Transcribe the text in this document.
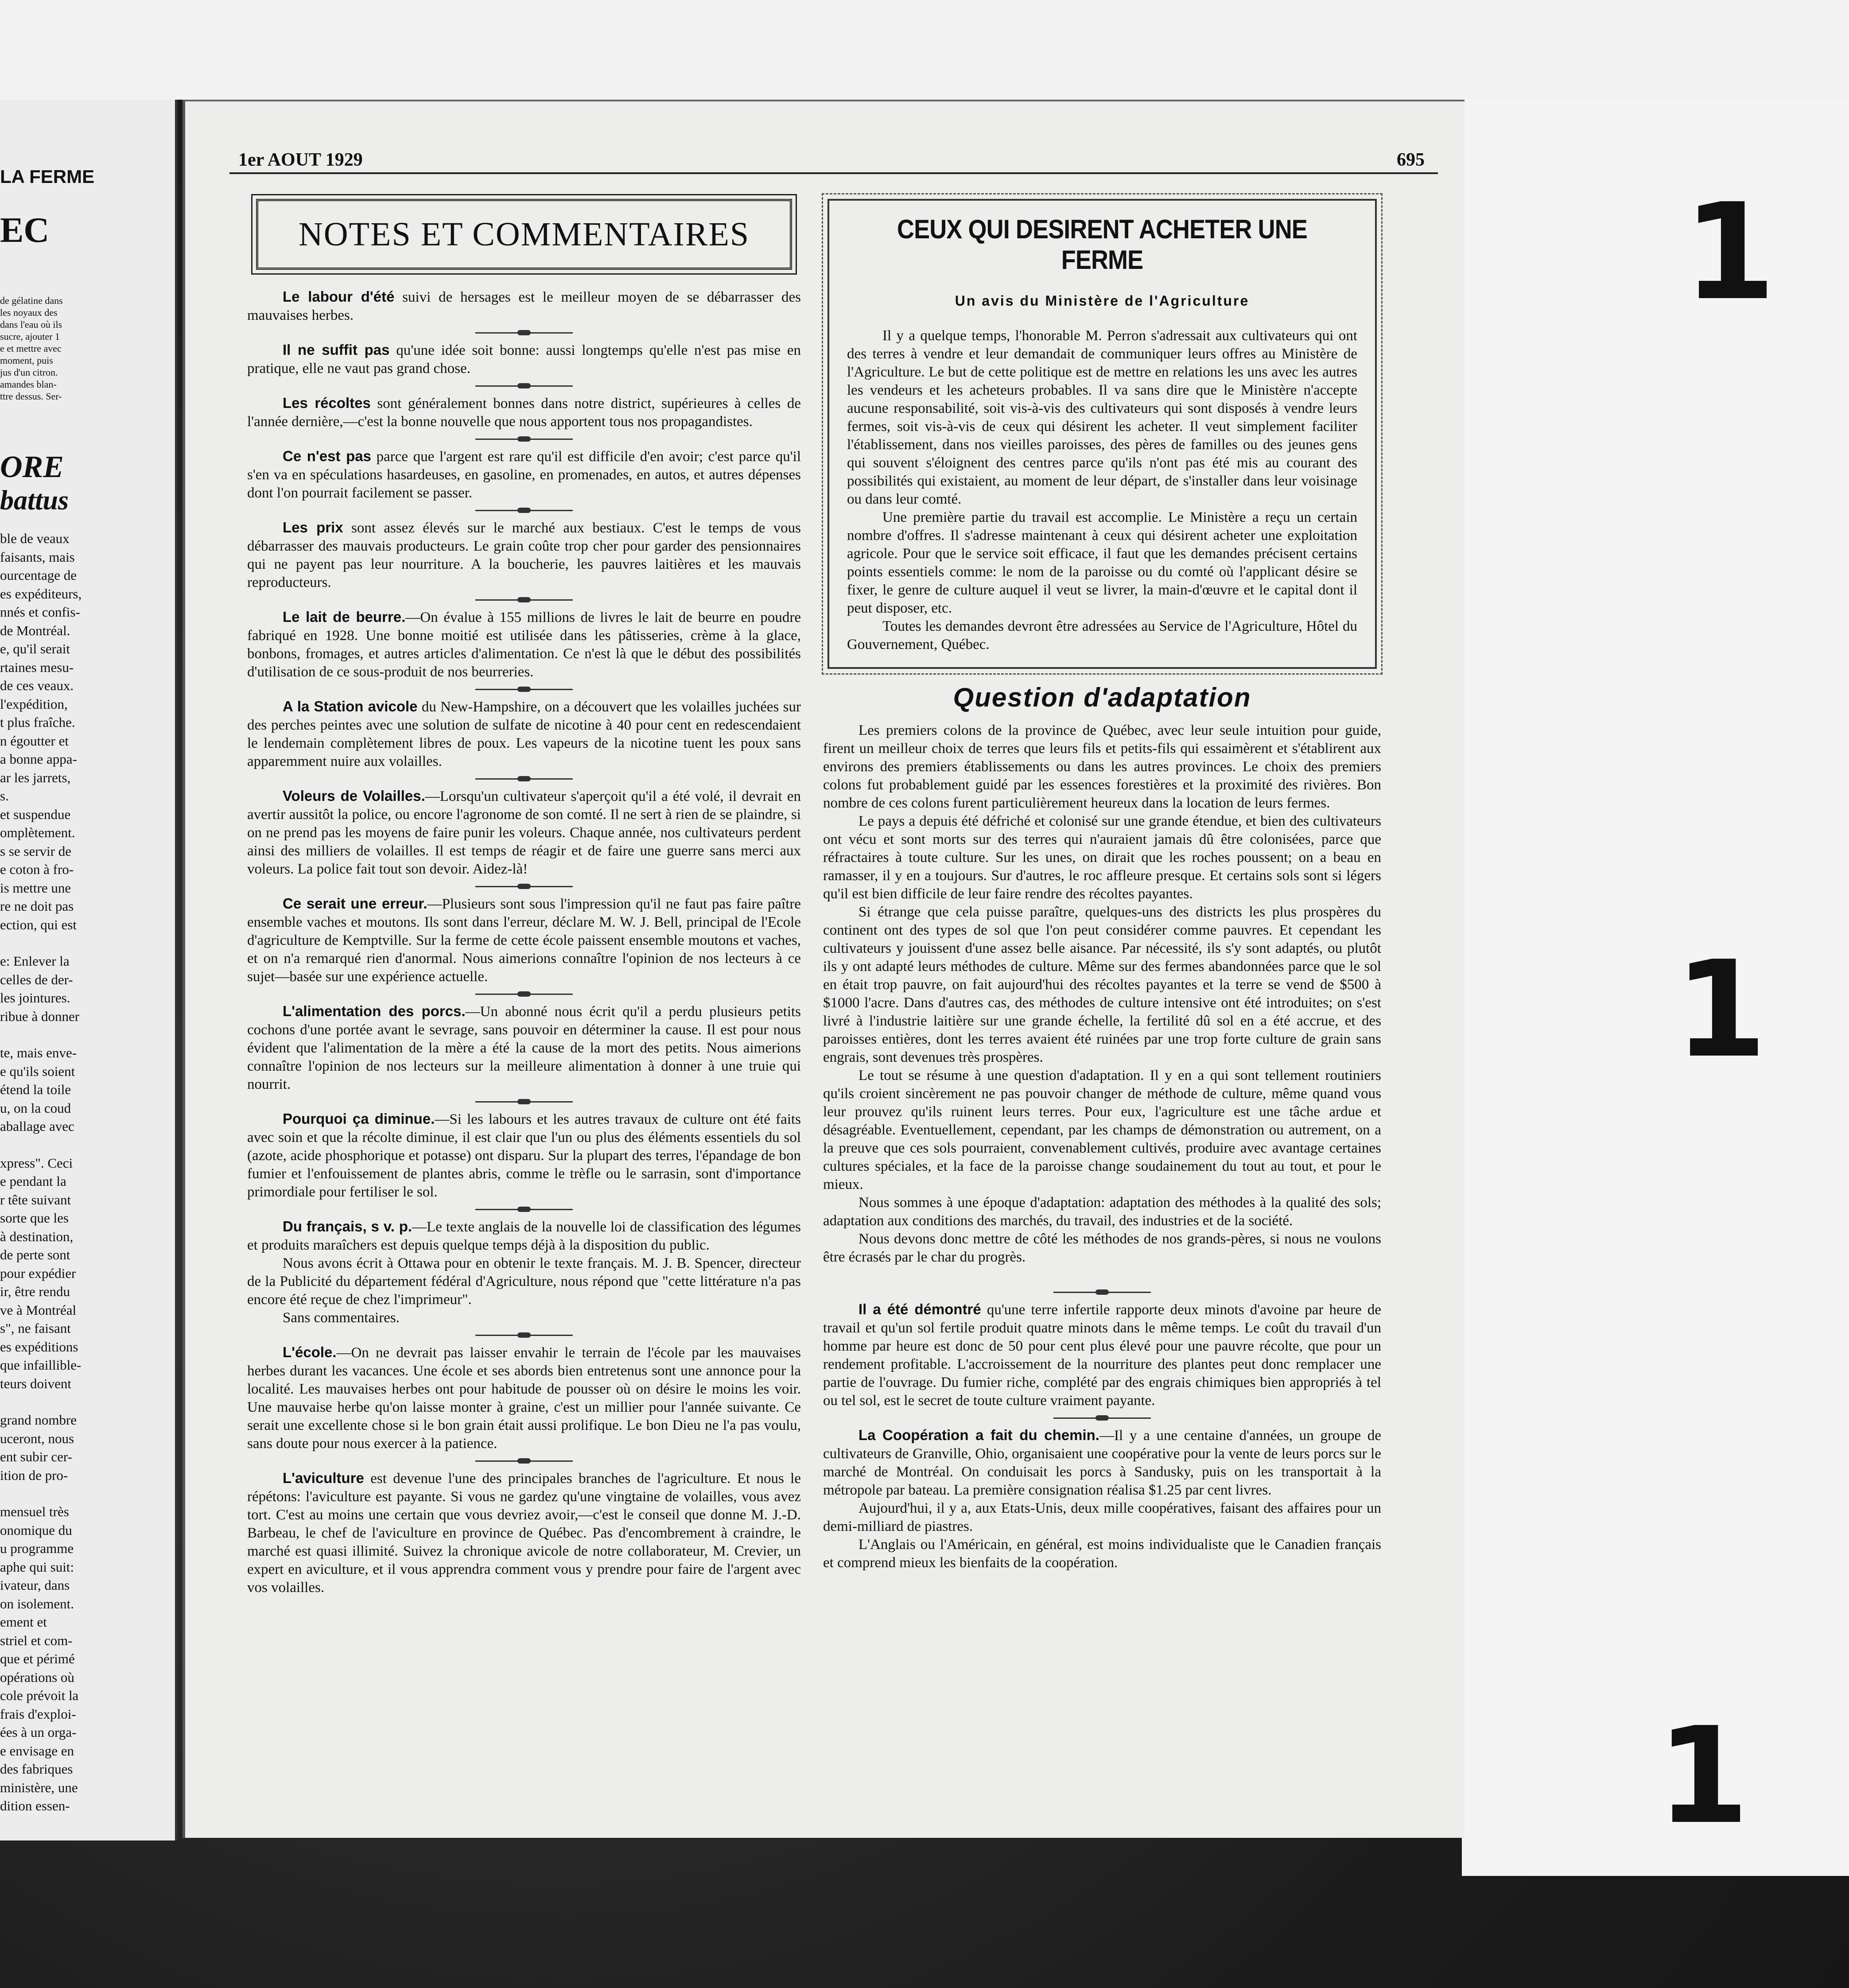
1
1
1
LA FERME
EC
de gélatine dans
les noyaux des
dans l'eau où ils
sucre, ajouter 1
e et mettre avec
moment, puis
jus d'un citron.
amandes blan-
ttre dessus. Ser-
ORE
battus
ble de veaux
faisants, mais
ourcentage de
es expéditeurs,
nnés et confis-
de Montréal.
e, qu'il serait
rtaines mesu-
de ces veaux.
l'expédition,
t plus fraîche.
n égoutter et
a bonne appa-
ar les jarrets,
s.
et suspendue
omplètement.
s se servir de
e coton à fro-
is mettre une
re ne doit pas
ection, qui est
e: Enlever la
celles de der-
les jointures.
ribue à donner
te, mais enve-
e qu'ils soient
étend la toile
u, on la coud
aballage avec
xpress". Ceci
e pendant la
r tête suivant
sorte que les
à destination,
de perte sont
pour expédier
ir, être rendu
ve à Montréal
s", ne faisant
es expéditions
que infaillible-
teurs doivent
grand nombre
uceront, nous
ent subir cer-
ition de pro-
mensuel très
onomique du
u programme
aphe qui suit:
ivateur, dans
on isolement.
ement et
striel et com-
que et périmé
opérations où
cole prévoit la
frais d'exploi-
ées à un orga-
e envisage en
des fabriques
ministère, une
dition essen-
1er AOUT 1929	695
NOTES ET COMMENTAIRES

Le labour d'été suivi de hersages est le meilleur moyen de se débarrasser des mauvaises herbes.

Il ne suffit pas qu'une idée soit bonne: aussi longtemps qu'elle n'est pas mise en pratique, elle ne vaut pas grand chose.

Les récoltes sont généralement bonnes dans notre district, supérieures à celles de l'année dernière,—c'est la bonne nouvelle que nous apportent tous nos propagandistes.

Ce n'est pas parce que l'argent est rare qu'il est difficile d'en avoir; c'est parce qu'il s'en va en spéculations hasardeuses, en gasoline, en promenades, en autos, et autres dépenses dont l'on pourrait facilement se passer.

Les prix sont assez élevés sur le marché aux bestiaux. C'est le temps de vous débarrasser des mauvais producteurs. Le grain coûte trop cher pour garder des pensionnaires qui ne payent pas leur nourriture. A la boucherie, les pauvres laitières et les mauvais reproducteurs.

Le lait de beurre.—On évalue à 155 millions de livres le lait de beurre en poudre fabriqué en 1928. Une bonne moitié est utilisée dans les pâtisseries, crème à la glace, bonbons, fromages, et autres articles d'alimentation. Ce n'est là que le début des possibilités d'utilisation de ce sous-produit de nos beurreries.

A la Station avicole du New-Hampshire, on a découvert que les volailles juchées sur des perches peintes avec une solution de sulfate de nicotine à 40 pour cent en redescendaient le lendemain complètement libres de poux. Les vapeurs de la nicotine tuent les poux sans apparemment nuire aux volailles.

Voleurs de Volailles.—Lorsqu'un cultivateur s'aperçoit qu'il a été volé, il devrait en avertir aussitôt la police, ou encore l'agronome de son comté. Il ne sert à rien de se plaindre, si on ne prend pas les moyens de faire punir les voleurs. Chaque année, nos cultivateurs perdent ainsi des milliers de volailles. Il est temps de réagir et de faire une guerre sans merci aux voleurs. La police fait tout son devoir. Aidez-là!

Ce serait une erreur.—Plusieurs sont sous l'impression qu'il ne faut pas faire paître ensemble vaches et moutons. Ils sont dans l'erreur, déclare M. W. J. Bell, principal de l'Ecole d'agriculture de Kemptville. Sur la ferme de cette école paissent ensemble moutons et vaches, et on n'a remarqué rien d'anormal. Nous aimerions connaître l'opinion de nos lecteurs à ce sujet—basée sur une expérience actuelle.

L'alimentation des porcs.—Un abonné nous écrit qu'il a perdu plusieurs petits cochons d'une portée avant le sevrage, sans pouvoir en déterminer la cause. Il est pour nous évident que l'alimentation de la mère a été la cause de la mort des petits. Nous aimerions connaître l'opinion de nos lecteurs sur la meilleure alimentation à donner à une truie qui nourrit.

Pourquoi ça diminue.—Si les labours et les autres travaux de culture ont été faits avec soin et que la récolte diminue, il est clair que l'un ou plus des éléments essentiels du sol (azote, acide phosphorique et potasse) ont disparu. Sur la plupart des terres, l'épandage de bon fumier et l'enfouissement de plantes abris, comme le trèfle ou le sarrasin, sont d'importance primordiale pour fertiliser le sol.

Du français, s v. p.—Le texte anglais de la nouvelle loi de classification des légumes et produits maraîchers est depuis quelque temps déjà à la disposition du public.

Nous avons écrit à Ottawa pour en obtenir le texte français. M. J. B. Spencer, directeur de la Publicité du département fédéral d'Agriculture, nous répond que "cette littérature n'a pas encore été reçue de chez l'imprimeur".

Sans commentaires.

L'école.—On ne devrait pas laisser envahir le terrain de l'école par les mauvaises herbes durant les vacances. Une école et ses abords bien entretenus sont une annonce pour la localité. Les mauvaises herbes ont pour habitude de pousser où on désire le moins les voir. Une mauvaise herbe qu'on laisse monter à graine, c'est un millier pour l'année suivante. Ce serait une excellente chose si le bon grain était aussi prolifique. Le bon Dieu ne l'a pas voulu, sans doute pour nous exercer à la patience.

L'aviculture est devenue l'une des principales branches de l'agriculture. Et nous le répétons: l'aviculture est payante. Si vous ne gardez qu'une vingtaine de volailles, vous avez tort. C'est au moins une certain que vous devriez avoir,—c'est le conseil que donne M. J.-D. Barbeau, le chef de l'aviculture en province de Québec. Pas d'encombrement à craindre, le marché est quasi illimité. Suivez la chronique avicole de notre collaborateur, M. Crevier, un expert en aviculture, et il vous apprendra comment vous y prendre pour faire de l'argent avec vos volailles.

CEUX QUI DESIRENT ACHETER UNE FERME
Un avis du Ministère de l'Agriculture

Il y a quelque temps, l'honorable M. Perron s'adressait aux cultivateurs qui ont des terres à vendre et leur demandait de communiquer leurs offres au Ministère de l'Agriculture. Le but de cette politique est de mettre en relations les uns avec les autres les vendeurs et les acheteurs probables. Il va sans dire que le Ministère n'accepte aucune responsabilité, soit vis-à-vis des cultivateurs qui sont disposés à vendre leurs fermes, soit vis-à-vis de ceux qui désirent les acheter. Il veut simplement faciliter l'établissement, dans nos vieilles paroisses, des pères de familles ou des jeunes gens qui souvent s'éloignent des centres parce qu'ils n'ont pas été mis au courant des possibilités qui existaient, au moment de leur départ, de s'installer dans leur voisinage ou dans leur comté.

Une première partie du travail est accomplie. Le Ministère a reçu un certain nombre d'offres. Il s'adresse maintenant à ceux qui désirent acheter une exploitation agricole. Pour que le service soit efficace, il faut que les demandes précisent certains points essentiels comme: le nom de la paroisse ou du comté où l'applicant désire se fixer, le genre de culture auquel il veut se livrer, la main-d'œuvre et le capital dont il peut disposer, etc.

Toutes les demandes devront être adressées au Service de l'Agriculture, Hôtel du Gouvernement, Québec.

Question d'adaptation

Les premiers colons de la province de Québec, avec leur seule intuition pour guide, firent un meilleur choix de terres que leurs fils et petits-fils qui essaimèrent et s'établirent aux environs des premiers établissements ou dans les autres provinces. Le choix des premiers colons fut probablement guidé par les essences forestières et la proximité des rivières. Bon nombre de ces colons furent particulièrement heureux dans la location de leurs fermes.

Le pays a depuis été défriché et colonisé sur une grande étendue, et bien des cultivateurs ont vécu et sont morts sur des terres qui n'auraient jamais dû être colonisées, parce que réfractaires à toute culture. Sur les unes, on dirait que les roches poussent; on a beau en ramasser, il y en a toujours. Sur d'autres, le roc affleure presque. Et certains sols sont si légers qu'il est bien difficile de leur faire rendre des récoltes payantes.

Si étrange que cela puisse paraître, quelques-uns des districts les plus prospères du continent ont des types de sol que l'on peut considérer comme pauvres. Et cependant les cultivateurs y jouissent d'une assez belle aisance. Par nécessité, ils s'y sont adaptés, ou plutôt ils y ont adapté leurs méthodes de culture. Même sur des fermes abandonnées parce que le sol en était trop pauvre, on fait aujourd'hui des récoltes payantes et la terre se vend de $500 à $1000 l'acre. Dans d'autres cas, des méthodes de culture intensive ont été introduites; on s'est livré à l'industrie laitière sur une grande échelle, la fertilité dû sol en a été accrue, et des paroisses entières, dont les terres avaient été ruinées par une trop forte culture de grain sans engrais, sont devenues très prospères.

Le tout se résume à une question d'adaptation. Il y en a qui sont tellement routiniers qu'ils croient sincèrement ne pas pouvoir changer de méthode de culture, même quand vous leur prouvez qu'ils ruinent leurs terres. Pour eux, l'agriculture est une tâche ardue et désagréable. Eventuellement, cependant, par les champs de démonstration ou autrement, on a la preuve que ces sols pourraient, convenablement cultivés, produire avec avantage certaines cultures spéciales, et la face de la paroisse change soudainement du tout au tout, et pour le mieux.

Nous sommes à une époque d'adaptation: adaptation des méthodes à la qualité des sols; adaptation aux conditions des marchés, du travail, des industries et de la société.

Nous devons donc mettre de côté les méthodes de nos grands-pères, si nous ne voulons être écrasés par le char du progrès.

Il a été démontré qu'une terre infertile rapporte deux minots d'avoine par heure de travail et qu'un sol fertile produit quatre minots dans le même temps. Le coût du travail d'un homme par heure est donc de 50 pour cent plus élevé pour une pauvre récolte, que pour un rendement profitable. L'accroissement de la nourriture des plantes peut donc remplacer une partie de l'ouvrage. Du fumier riche, complété par des engrais chimiques bien appropriés à tel ou tel sol, est le secret de toute culture vraiment payante.

La Coopération a fait du chemin.—Il y a une centaine d'années, un groupe de cultivateurs de Granville, Ohio, organisaient une coopérative pour la vente de leurs porcs sur le marché de Montréal. On conduisait les porcs à Sandusky, puis on les transportait à la métropole par bateau. La première consignation réalisa $1.25 par cent livres.

Aujourd'hui, il y a, aux Etats-Unis, deux mille coopératives, faisant des affaires pour un demi-milliard de piastres.

L'Anglais ou l'Américain, en général, est moins individualiste que le Canadien français et comprend mieux les bienfaits de la coopération.
